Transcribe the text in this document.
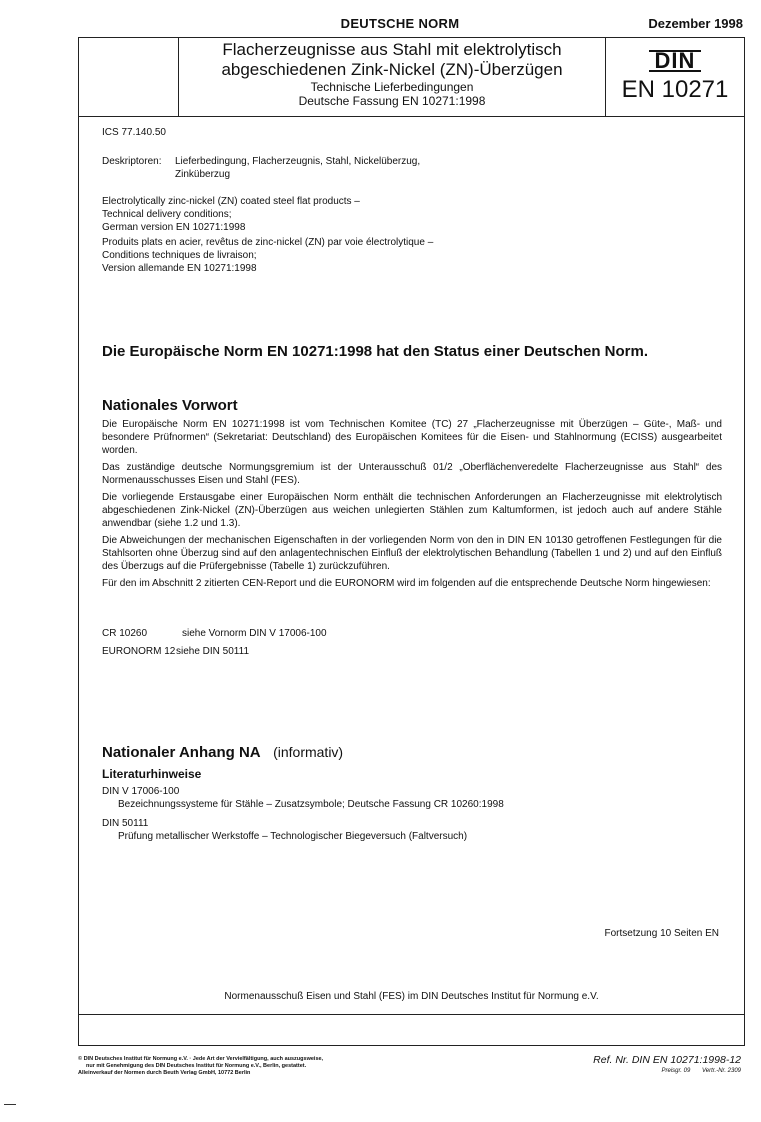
DEUTSCHE NORM	Dezember 1998
Flacherzeugnisse aus Stahl mit elektrolytisch
abgeschiedenen Zink-Nickel (ZN)-Überzügen
Technische Lieferbedingungen
Deutsche Fassung EN 10271:1998
DIN
EN 10271
ICS 77.140.50
Deskriptoren: Lieferbedingung, Flacherzeugnis, Stahl, Nickelüberzug,
Zinküberzug
Electrolytically zinc-nickel (ZN) coated steel flat products –
Technical delivery conditions;
German version EN 10271:1998
Produits plats en acier, revêtus de zinc-nickel (ZN) par voie électrolytique –
Conditions techniques de livraison;
Version allemande EN 10271:1998
Die Europäische Norm EN 10271:1998 hat den Status einer Deutschen Norm.
Nationales Vorwort

Die Europäische Norm EN 10271:1998 ist vom Technischen Komitee (TC) 27 „Flacherzeugnisse mit Überzügen – Güte-, Maß- und besondere Prüfnormen“ (Sekretariat: Deutschland) des Europäischen Komitees für die Eisen- und Stahlnormung (ECISS) ausgearbeitet worden.

Das zuständige deutsche Normungsgremium ist der Unterausschuß 01/2 „Oberflächenveredelte Flacherzeugnisse aus Stahl“ des Normenausschusses Eisen und Stahl (FES).

Die vorliegende Erstausgabe einer Europäischen Norm enthält die technischen Anforderungen an Flacherzeugnisse mit elektrolytisch abgeschiedenen Zink-Nickel (ZN)-Überzügen aus weichen unlegierten Stählen zum Kaltumformen, ist jedoch auch auf andere Stähle anwendbar (siehe 1.2 und 1.3).

Die Abweichungen der mechanischen Eigenschaften in der vorliegenden Norm von den in DIN EN 10130 getroffenen Festlegungen für die Stahlsorten ohne Überzug sind auf den anlagentechnischen Einfluß der elektrolytischen Behandlung (Tabellen 1 und 2) und auf den Einfluß des Überzugs auf die Prüfergebnisse (Tabelle 1) zurückzuführen.

Für den im Abschnitt 2 zitierten CEN-Report und die EURONORM wird im folgenden auf die entsprechende Deutsche Norm hingewiesen:

CR 10260	siehe Vornorm DIN V 17006-100
EURONORM 12siehe DIN 50111
Nationaler Anhang NA (informativ)
Literaturhinweise
DIN V 17006-100
Bezeichnungssysteme für Stähle – Zusatzsymbole; Deutsche Fassung CR 10260:1998
DIN 50111
Prüfung metallischer Werkstoffe – Technologischer Biegeversuch (Faltversuch)
Fortsetzung 10 Seiten EN
Normenausschuß Eisen und Stahl (FES) im DIN Deutsches Institut für Normung e.V.
© DIN Deutsches Institut für Normung e.V. · Jede Art der Vervielfältigung, auch auszugsweise,
nur mit Genehmigung des DIN Deutsches Institut für Normung e.V., Berlin, gestattet.
Alleinverkauf der Normen durch Beuth Verlag GmbH, 10772 Berlin
Ref. Nr. DIN EN 10271:1998-12
Preisgr. 09 Vertr.-Nr. 2309
